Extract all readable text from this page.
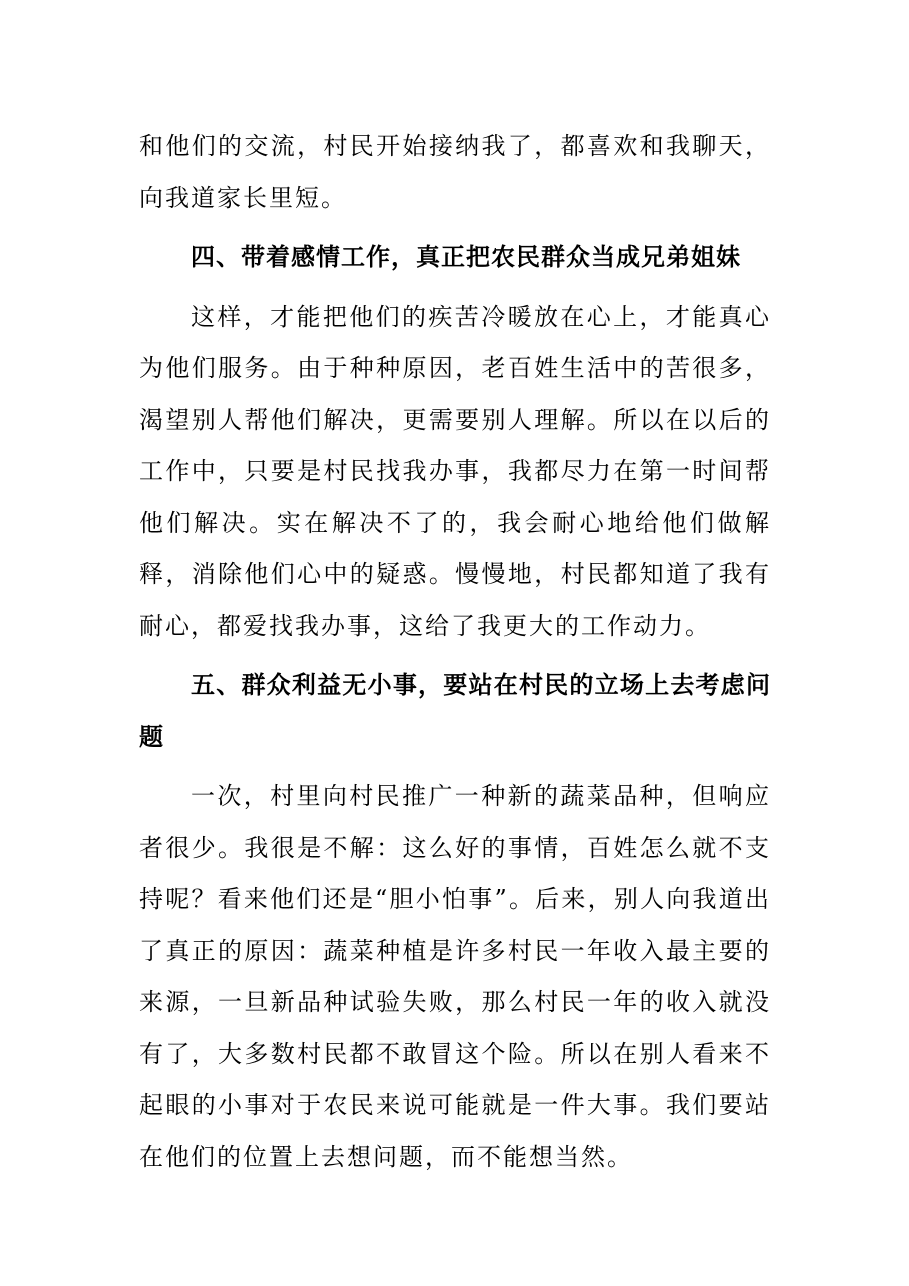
和他们的交流，村民开始接纳我了，都喜欢和我聊天，向我道家长里短。

四、带着感情工作，真正把农民群众当成兄弟姐妹

这样，才能把他们的疾苦冷暖放在心上，才能真心为他们服务。由于种种原因，老百姓生活中的苦很多，渴望别人帮他们解决，更需要别人理解。所以在以后的工作中，只要是村民找我办事，我都尽力在第一时间帮他们解决。实在解决不了的，我会耐心地给他们做解释，消除他们心中的疑惑。慢慢地，村民都知道了我有耐心，都爱找我办事，这给了我更大的工作动力。

五、群众利益无小事，要站在村民的立场上去考虑问题

一次，村里向村民推广一种新的蔬菜品种，但响应者很少。我很是不解：这么好的事情，百姓怎么就不支持呢？看来他们还是“胆小怕事”。后来，别人向我道出了真正的原因：蔬菜种植是许多村民一年收入最主要的来源，一旦新品种试验失败，那么村民一年的收入就没有了，大多数村民都不敢冒这个险。所以在别人看来不起眼的小事对于农民来说可能就是一件大事。我们要站在他们的位置上去想问题，而不能想当然。
